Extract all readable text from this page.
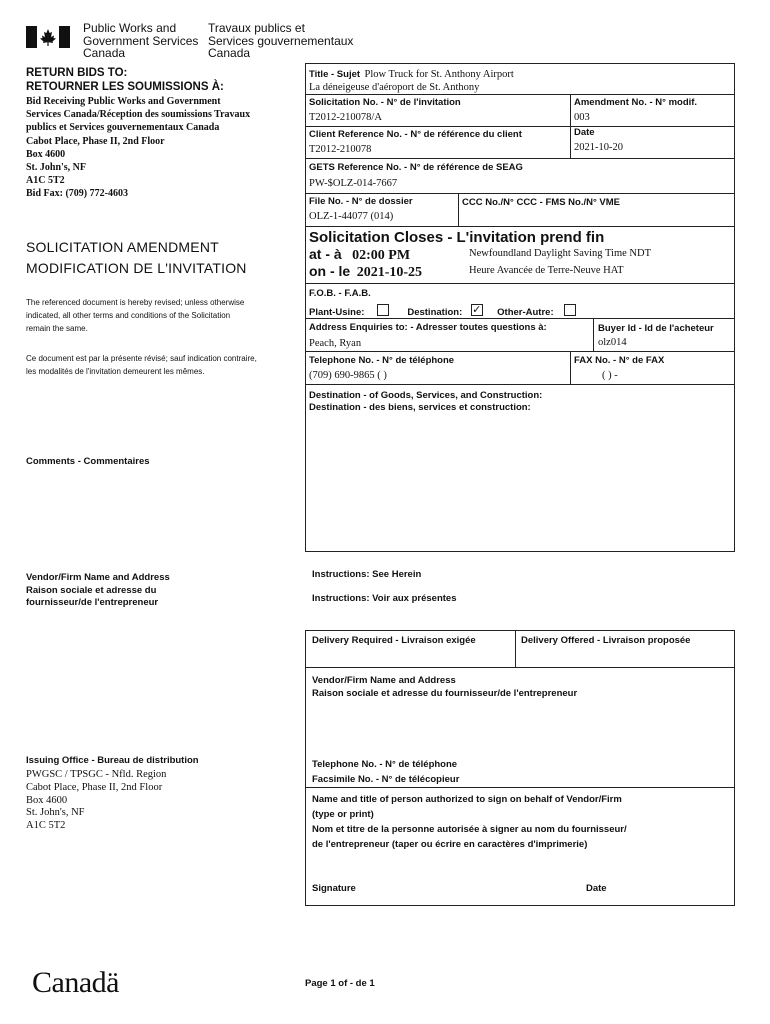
Public Works and
Government Services
Canada
Travaux publics et
Services gouvernementaux
Canada
RETURN BIDS TO:
RETOURNER LES SOUMISSIONS À:
Bid Receiving Public Works and Government
Services Canada/Réception des soumissions Travaux
publics et Services gouvernementaux Canada
Cabot Place, Phase II, 2nd Floor
Box 4600
St. John's, NF
A1C 5T2
Bid Fax: (709) 772-4603
SOLICITATION AMENDMENT
MODIFICATION DE L'INVITATION
The referenced document is hereby revised; unless otherwise
indicated, all other terms and conditions of the Solicitation
remain the same.
Ce document est par la présente révisé; sauf indication contraire,
les modalités de l'invitation demeurent les mêmes.
Comments - Commentaires
Vendor/Firm Name and Address
Raison sociale et adresse du
fournisseur/de l'entrepreneur
Issuing Office - Bureau de distribution
PWGSC / TPSGC - Nfld. Region
Cabot Place, Phase II, 2nd Floor
Box 4600
St. John's, NF
A1C 5T2
Title - Sujet Plow Truck for St. Anthony Airport
La déneigeuse d'aéroport de St. Anthony
Solicitation No. - N° de l'invitation
T2012-210078/A
Amendment No. - N° modif.
003
Client Reference No. - N° de référence du client
T2012-210078
Date
2021-10-20
GETS Reference No. - N° de référence de SEAG
PW-$OLZ-014-7667
File No. - N° de dossier
OLZ-1-44077 (014)
CCC No./N° CCC - FMS No./N° VME
Solicitation Closes - L'invitation prend fin
at - à 02:00 PM
on - le 2021-10-25
Newfoundland Daylight Saving Time NDT
Heure Avancée de Terre-Neuve HAT
F.O.B. - F.A.B.
Plant-Usine:	Destination: ✓ Other-Autre:
Address Enquiries to: - Adresser toutes questions à:
Peach, Ryan
Buyer Id - Id de l'acheteur
olz014
Telephone No. - N° de téléphone
(709) 690-9865 ( )
FAX No. - N° de FAX
( ) -
Destination - of Goods, Services, and Construction:
Destination - des biens, services et construction:
Instructions: See Herein
Instructions: Voir aux présentes
Delivery Required - Livraison exigée	Delivery Offered - Livraison proposée
Vendor/Firm Name and Address
Raison sociale et adresse du fournisseur/de l'entrepreneur
Telephone No. - N° de téléphone
Facsimile No. - N° de télécopieur
Name and title of person authorized to sign on behalf of Vendor/Firm
(type or print)
Nom et titre de la personne autorisée à signer au nom du fournisseur/
de l'entrepreneur (taper ou écrire en caractères d'imprimerie)
Signature	Date
Canadä	Page 1 of - de 1
